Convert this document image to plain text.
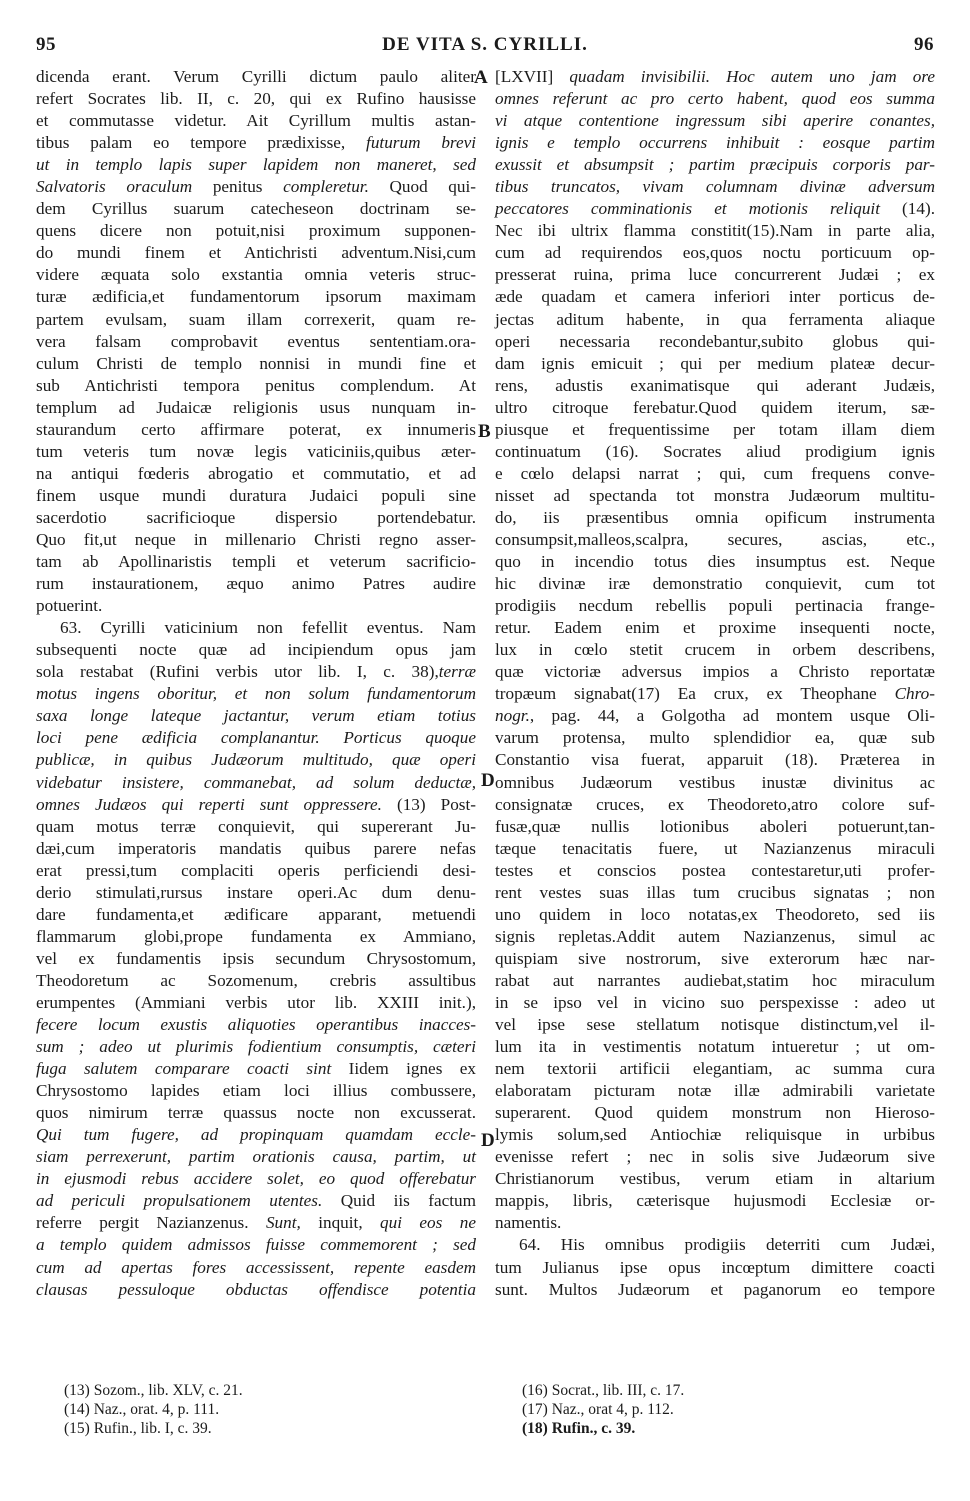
95	DE VITA S. CYRILLI.	96
dicenda erant. Verum Cyrilli dictum paulo aliter
refert Socrates lib. II, c. 20, qui ex Rufino hausisse
et commutasse videtur. Ait Cyrillum multis astan-
tibus palam eo tempore prædixisse, futurum brevi
ut in templo lapis super lapidem non maneret, sed
Salvatoris oraculum penitus compleretur. Quod qui-
dem Cyrillus suarum catecheseon doctrinam se-
quens dicere non potuit,nisi proximum supponen-
do mundi finem et Antichristi adventum.Nisi,cum
videre æquata solo exstantia omnia veteris struc-
turæ ædificia,et fundamentorum ipsorum maximam
partem evulsam, suam illam correxerit, quam re-
vera falsam comprobavit eventus sententiam.ora-
culum Christi de templo nonnisi in mundi fine et
sub Antichristi tempora penitus complendum. At
templum ad Judaicæ religionis usus nunquam in-
staurandum certo affirmare poterat, ex innumeris
tum veteris tum novæ legis vaticiniis,quibus æter-
na antiqui fœderis abrogatio et commutatio, et ad
finem usque mundi duratura Judaici populi sine
sacerdotio sacrificioque dispersio portendebatur.
Quo fit,ut neque in millenario Christi regno asser-
tam ab Apollinaristis templi et veterum sacrificio-
rum instaurationem, æquo animo Patres audire
potuerint.
63. Cyrilli vaticinium non fefellit eventus. Nam
subsequenti nocte quæ ad incipiendum opus jam
sola restabat (Rufini verbis utor lib. I, c. 38),terræ
motus ingens oboritur, et non solum fundamentorum
saxa longe lateque jactantur, verum etiam totius
loci pene ædificia complanantur. Porticus quoque
publicæ, in quibus Judæorum multitudo, quæ operi
videbatur insistere, commanebat, ad solum deductæ,
omnes Judæos qui reperti sunt oppressere. (13) Post-
quam motus terræ conquievit, qui supererant Ju-
dæi,cum imperatoris mandatis quibus parere nefas
erat pressi,tum complaciti operis perficiendi desi-
derio stimulati,rursus instare operi.Ac dum denu-
dare fundamenta,et ædificare apparant, metuendi
flammarum globi,prope fundamenta ex Ammiano,
vel ex fundamentis ipsis secundum Chrysostomum,
Theodoretum ac Sozomenum, crebris assultibus
erumpentes (Ammiani verbis utor lib. XXIII init.),
fecere locum exustis aliquoties operantibus inacces-
sum ; adeo ut plurimis fodientium consumptis, cæteri
fuga salutem comparare coacti sint Iidem ignes ex
Chrysostomo lapides etiam loci illius combussere,
quos nimirum terræ quassus nocte non excusserat.
Qui tum fugere, ad propinquam quamdam eccle-
siam perrexerunt, partim orationis causa, partim, ut
in ejusmodi rebus accidere solet, eo quod offerebatur
ad periculi propulsationem utentes. Quid iis factum
referre pergit Nazianzenus. Sunt, inquit, qui eos ne
a templo quidem admissos fuisse commemorent ; sed
cum ad apertas fores accessissent, repente easdem
clausas pessuloque obductas offendisce potentia
[LXVII] quadam invisibilii. Hoc autem uno jam ore
omnes referunt ac pro certo habent, quod eos summa
vi atque contentione ingressum sibi aperire conantes,
ignis e templo occurrens inhibuit : eosque partim
exussit et absumpsit ; partim præcipuis corporis par-
tibus truncatos, vivam columnam divinæ adversum
peccatores comminationis et motionis reliquit (14).
Nec ibi ultrix flamma constitit(15).Nam in parte alia,
cum ad requirendos eos,quos noctu porticuum op-
presserat ruina, prima luce concurrerent Judæi ; ex
æde quadam et camera inferiori inter porticus de-
jectas aditum habente, in qua ferramenta aliaque
operi necessaria recondebantur,subito globus qui-
dam ignis emicuit ; qui per medium plateæ decur-
rens, adustis exanimatisque qui aderant Judæis,
ultro citroque ferebatur.Quod quidem iterum, sæ-
piusque et frequentissime per totam illam diem
continuatum (16). Socrates aliud prodigium ignis
e cœlo delapsi narrat ; qui, cum frequens conve-
nisset ad spectanda tot monstra Judæorum multitu-
do, iis præsentibus omnia opificum instrumenta
consumpsit,malleos,scalpra, secures, ascias, etc.,
quo in incendio totus dies insumptus est. Neque
hic divinæ iræ demonstratio conquievit, cum tot
prodigiis necdum rebellis populi pertinacia frange-
retur. Eadem enim et proxime insequenti nocte,
lux in cœlo stetit crucem in orbem describens,
quæ victoriæ adversus impios a Christo reportatæ
tropæum signabat(17) Ea crux, ex Theophane Chro-
nogr., pag. 44, a Golgotha ad montem usque Oli-
varum protensa, multo splendidior ea, quæ sub
Constantio visa fuerat, apparuit (18). Præterea in
omnibus Judæorum vestibus inustæ divinitus ac
consignatæ cruces, ex Theodoreto,atro colore suf-
fusæ,quæ nullis lotionibus aboleri potuerunt,tan-
tæque tenacitatis fuere, ut Nazianzenus miraculi
testes et conscios postea contestaretur,uti profer-
rent vestes suas illas tum crucibus signatas ; non
uno quidem in loco notatas,ex Theodoreto, sed iis
signis repletas.Addit autem Nazianzenus, simul ac
quispiam sive nostrorum, sive exterorum hæc nar-
rabat aut narrantes audiebat,statim hoc miraculum
in se ipso vel in vicino suo perspexisse : adeo ut
vel ipse sese stellatum notisque distinctum,vel il-
lum ita in vestimentis notatum intueretur ; ut om-
nem textorii artificii elegantiam, ac summa cura
elaboratam picturam notæ illæ admirabili varietate
superarent. Quod quidem monstrum non Hieroso-
lymis solum,sed Antiochiæ reliquisque in urbibus
evenisse refert ; nec in solis sive Judæorum sive
Christianorum vestibus, verum etiam in altarium
mappis, libris, cæterisque hujusmodi Ecclesiæ or-
namentis.
64. His omnibus prodigiis deterriti cum Judæi,
tum Julianus ipse opus incœptum dimittere coacti
sunt. Multos Judæorum et paganorum eo tempore
A
B
D
D
(13) Sozom., lib. XLV, c. 21.
(14) Naz., orat. 4, p. 111.
(15) Rufin., lib. I, c. 39.
(16) Socrat., lib. III, c. 17.
(17) Naz., orat 4, p. 112.
(18) Rufin., c. 39.
